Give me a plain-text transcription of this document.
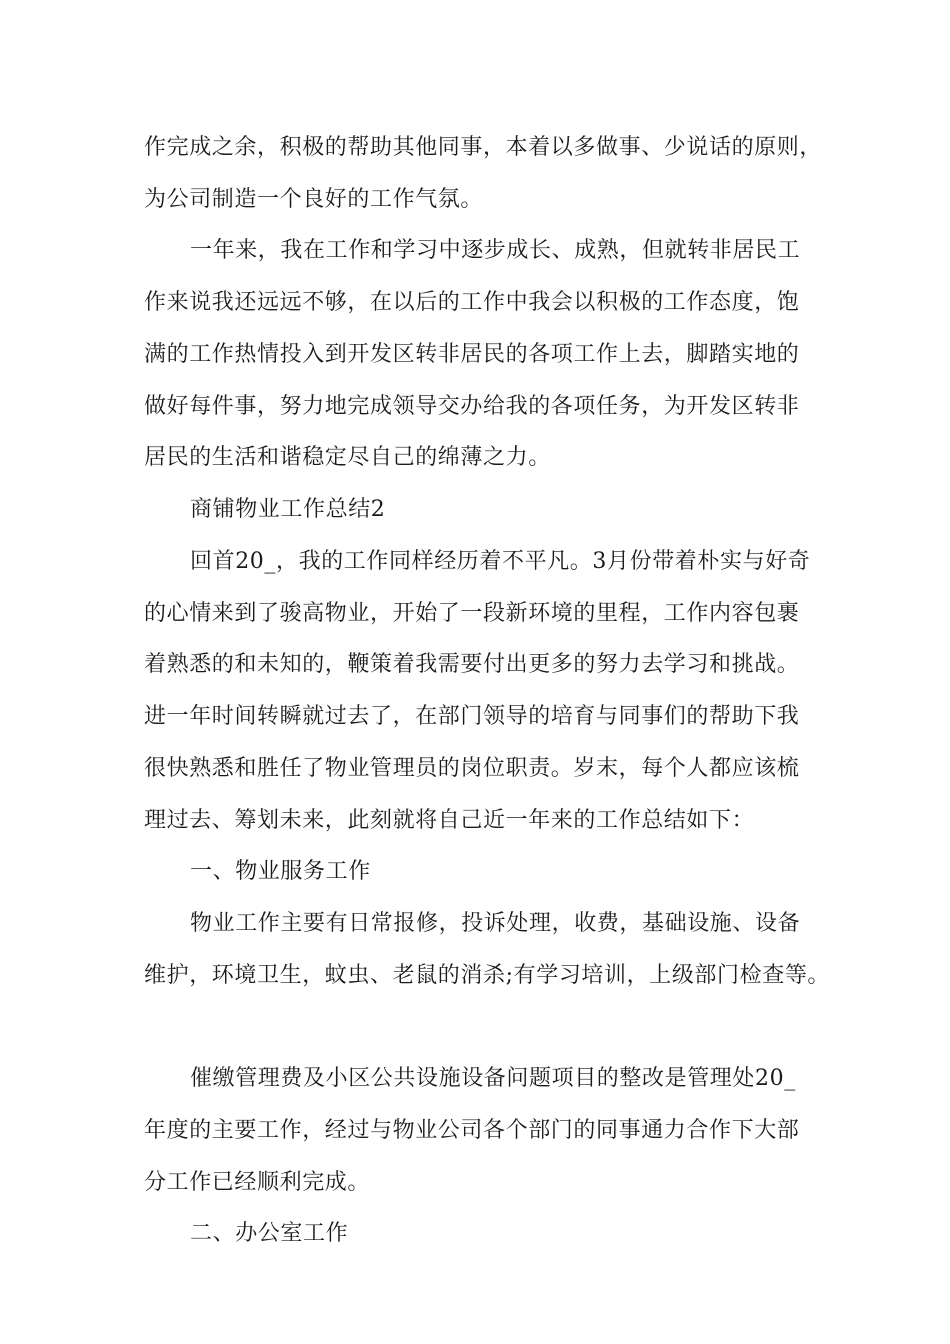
作完成之余，积极的帮助其他同事，本着以多做事、少说话的原则，
为公司制造一个良好的工作气氛。
一年来，我在工作和学习中逐步成长、成熟，但就转非居民工
作来说我还远远不够，在以后的工作中我会以积极的工作态度，饱
满的工作热情投入到开发区转非居民的各项工作上去，脚踏实地的
做好每件事，努力地完成领导交办给我的各项任务，为开发区转非
居民的生活和谐稳定尽自己的绵薄之力。
商铺物业工作总结2
回首20_，我的工作同样经历着不平凡。3月份带着朴实与好奇
的心情来到了骏高物业，开始了一段新环境的里程，工作内容包裹
着熟悉的和未知的，鞭策着我需要付出更多的努力去学习和挑战。
进一年时间转瞬就过去了，在部门领导的培育与同事们的帮助下我
很快熟悉和胜任了物业管理员的岗位职责。岁末，每个人都应该梳
理过去、筹划未来，此刻就将自己近一年来的工作总结如下：
一、物业服务工作
物业工作主要有日常报修，投诉处理，收费，基础设施、设备
维护，环境卫生，蚊虫、老鼠的消杀;有学习培训，上级部门检查等。
催缴管理费及小区公共设施设备问题项目的整改是管理处20_
年度的主要工作，经过与物业公司各个部门的同事通力合作下大部
分工作已经顺利完成。
二、办公室工作
